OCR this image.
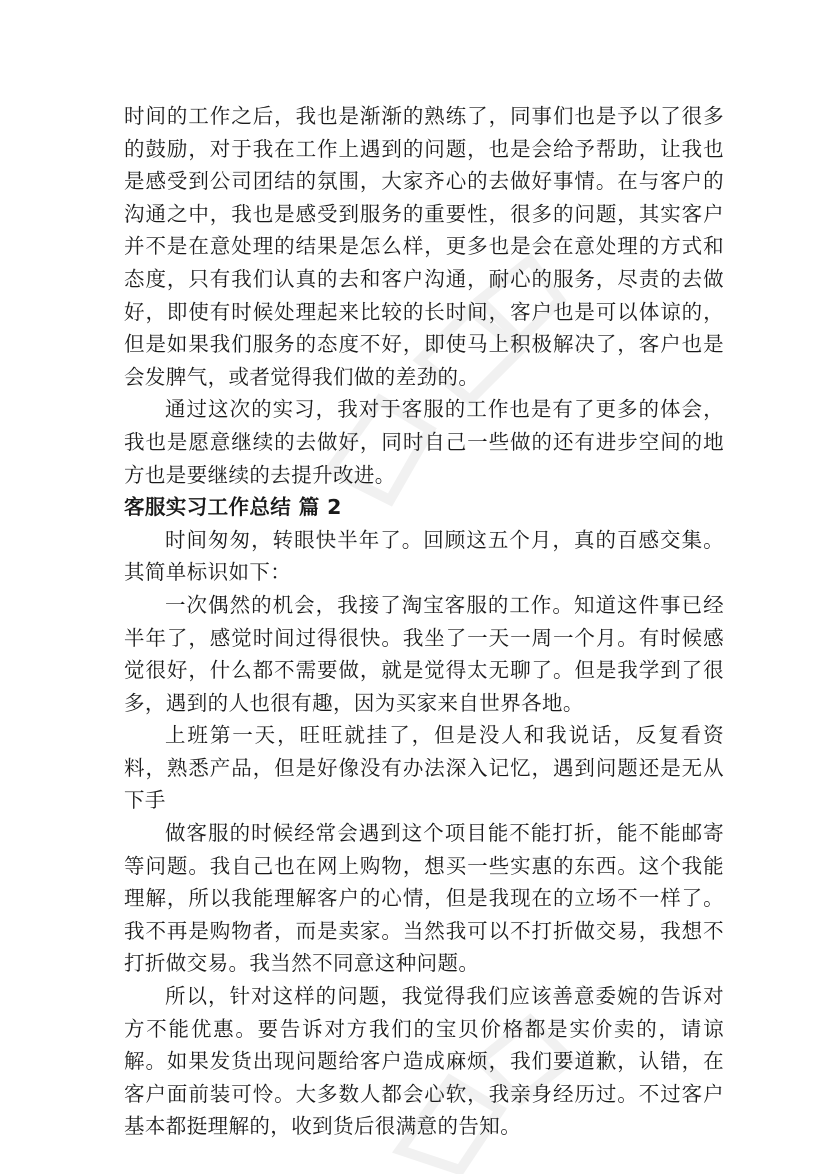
时间的工作之后，我也是渐渐的熟练了，同事们也是予以了很多的鼓励，对于我在工作上遇到的问题，也是会给予帮助，让我也是感受到公司团结的氛围，大家齐心的去做好事情。在与客户的沟通之中，我也是感受到服务的重要性，很多的问题，其实客户并不是在意处理的结果是怎么样，更多也是会在意处理的方式和态度，只有我们认真的去和客户沟通，耐心的服务，尽责的去做好，即使有时候处理起来比较的长时间，客户也是可以体谅的，但是如果我们服务的态度不好，即使马上积极解决了，客户也是会发脾气，或者觉得我们做的差劲的。

通过这次的实习，我对于客服的工作也是有了更多的体会，我也是愿意继续的去做好，同时自己一些做的还有进步空间的地方也是要继续的去提升改进。

客服实习工作总结 篇 2

时间匆匆，转眼快半年了。回顾这五个月，真的百感交集。其简单标识如下：

一次偶然的机会，我接了淘宝客服的工作。知道这件事已经半年了，感觉时间过得很快。我坐了一天一周一个月。有时候感觉很好，什么都不需要做，就是觉得太无聊了。但是我学到了很多，遇到的人也很有趣，因为买家来自世界各地。

上班第一天，旺旺就挂了，但是没人和我说话，反复看资料，熟悉产品，但是好像没有办法深入记忆，遇到问题还是无从下手

做客服的时候经常会遇到这个项目能不能打折，能不能邮寄等问题。我自己也在网上购物，想买一些实惠的东西。这个我能理解，所以我能理解客户的心情，但是我现在的立场不一样了。我不再是购物者，而是卖家。当然我可以不打折做交易，我想不打折做交易。我当然不同意这种问题。

所以，针对这样的问题，我觉得我们应该善意委婉的告诉对方不能优惠。要告诉对方我们的宝贝价格都是实价卖的，请谅解。如果发货出现问题给客户造成麻烦，我们要道歉，认错，在客户面前装可怜。大多数人都会心软，我亲身经历过。不过客户基本都挺理解的，收到货后很满意的告知。
